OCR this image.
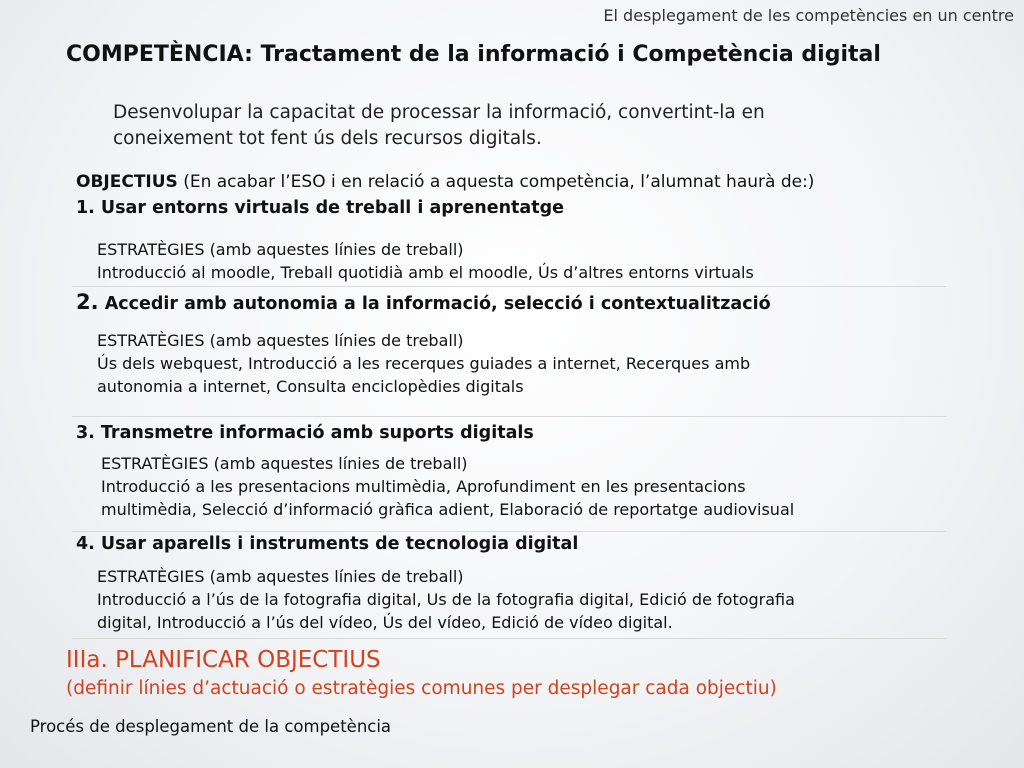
El desplegament de les competències en un centre
COMPETÈNCIA: Tractament de la informació i Competència digital
Desenvolupar la capacitat de processar la informació, convertint-la en
coneixement tot fent ús dels recursos digitals.
OBJECTIUS (En acabar l’ESO i en relació a aquesta competència, l’alumnat haurà de:)
1. Usar entorns virtuals de treball i aprenentatge
ESTRATÈGIES (amb aquestes línies de treball)
Introducció al moodle, Treball quotidià amb el moodle, Ús d’altres entorns virtuals
2. Accedir amb autonomia a la informació, selecció i contextualització
ESTRATÈGIES (amb aquestes línies de treball)
Ús dels webquest, Introducció a les recerques guiades a internet, Recerques amb
autonomia a internet, Consulta enciclopèdies digitals
3. Transmetre informació amb suports digitals
ESTRATÈGIES (amb aquestes línies de treball)
Introducció a les presentacions multimèdia, Aprofundiment en les presentacions
multimèdia, Selecció d’informació gràfica adient, Elaboració de reportatge audiovisual
4. Usar aparells i instruments de tecnologia digital
ESTRATÈGIES (amb aquestes línies de treball)
Introducció a l’ús de la fotografia digital, Us de la fotografia digital, Edició de fotografia
digital, Introducció a l’ús del vídeo, Ús del vídeo, Edició de vídeo digital.
IIIa. PLANIFICAR OBJECTIUS
(definir línies d’actuació o estratègies comunes per desplegar cada objectiu)
Procés de desplegament de la competència
